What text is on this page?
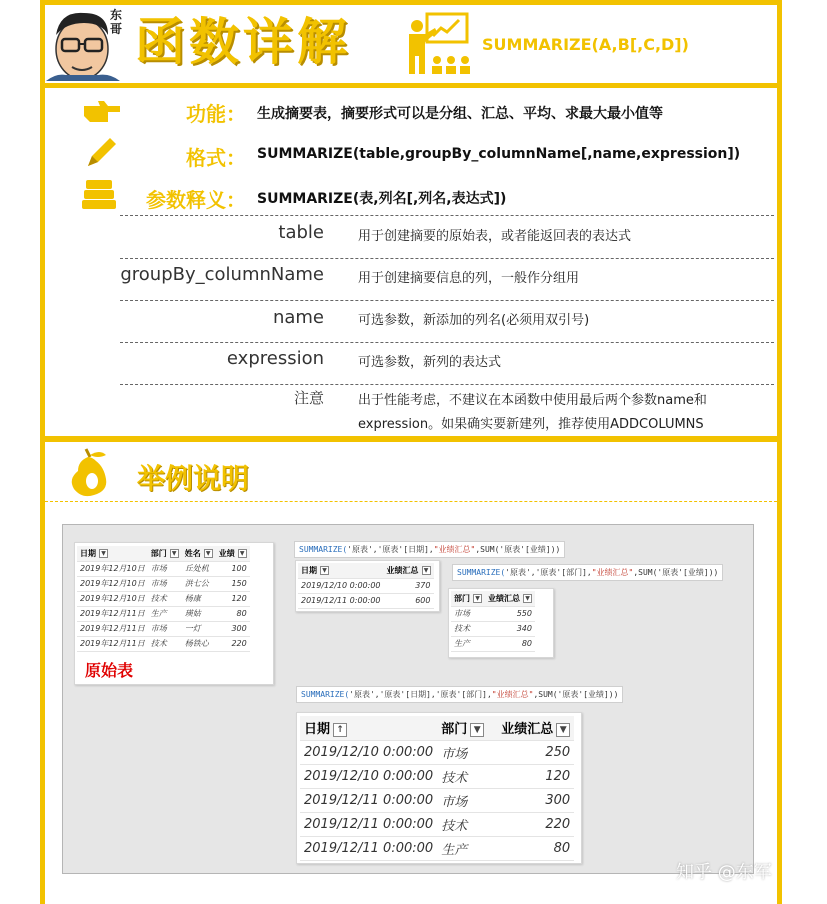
东哥 函数详解	SUMMARIZE(A,B[,C,D])
功能： 生成摘要表，摘要形式可以是分组、汇总、平均、求最大最小值等
格式： SUMMARIZE(table,groupBy_columnName[,name,expression])
参数释义： SUMMARIZE(表,列名[,列名,表达式])
table	用于创建摘要的原始表，或者能返回表的表达式
groupBy_columnName	用于创建摘要信息的列，一般作分组用
name	可选参数，新添加的列名(必须用双引号)
expression	可选参数，新列的表达式
注意	出于性能考虑，不建议在本函数中使用最后两个参数name和expression。如果确实要新建列，推荐使用ADDCOLUMNS
举例说明
日期 ▼	部门 ▼	姓名 ▼	业绩 ▼
2019年12月10日	市场	丘处机	100
2019年12月10日	市场	洪七公	150
2019年12月10日	技术	杨康	120
2019年12月11日	生产	瑛姑	80
2019年12月11日	市场	一灯	300
2019年12月11日	技术	杨铁心	220
原始表
SUMMARIZE('原表','原表'[日期],"业绩汇总",SUM('原表'[业绩]))
日期 ▼	业绩汇总 ▼
2019/12/10 0:00:00	370
2019/12/11 0:00:00	600
SUMMARIZE('原表','原表'[部门],"业绩汇总",SUM('原表'[业绩]))
部门 ▼	业绩汇总 ▼
市场	550
技术	340
生产	80
SUMMARIZE('原表','原表'[日期],'原表'[部门],"业绩汇总",SUM('原表'[业绩]))
日期 ↑	部门 ▼	业绩汇总 ▼
2019/12/10 0:00:00	市场	250
2019/12/10 0:00:00	技术	120
2019/12/11 0:00:00	市场	300
2019/12/11 0:00:00	技术	220
2019/12/11 0:00:00	生产	80
知乎 @东军
